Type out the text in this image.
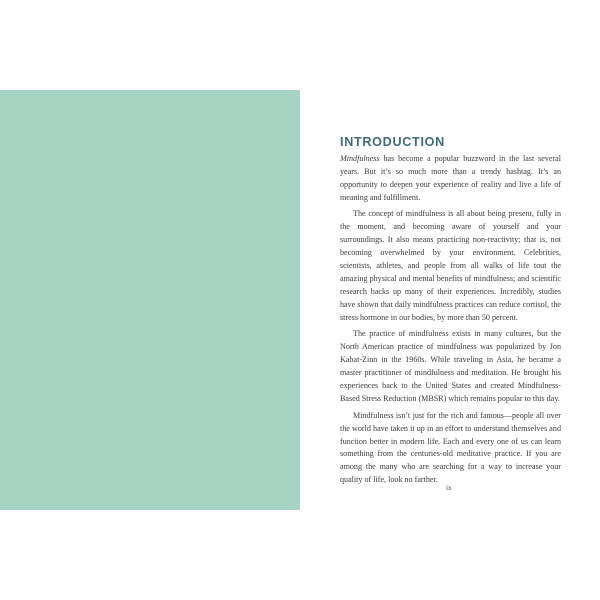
INTRODUCTION

Mindfulness has become a popular buzzword in the last several years. But it’s so much more than a trendy hashtag. It’s an opportunity to deepen your experience of reality and live a life of meaning and fulfillment.

The concept of mindfulness is all about being present, fully in the moment, and becoming aware of yourself and your surroundings. It also means practicing non-reactivity; that is, not becoming overwhelmed by your environment. Celebrities, scientists, athletes, and people from all walks of life tout the amazing physical and mental benefits of mindfulness; and scientific research backs up many of their experiences. Incredibly, studies have shown that daily mindfulness practices can reduce cortisol, the stress hormone in our bodies, by more than 50 percent.

The practice of mindfulness exists in many cultures, but the North American practice of mindfulness was popularized by Jon Kabat-Zinn in the 1960s. While traveling in Asia, he became a master practitioner of mindfulness and meditation. He brought his experiences back to the United States and created Mindfulness-Based Stress Reduction (MBSR) which remains popular to this day.

Mindfulness isn’t just for the rich and famous—people all over the world have taken it up in an effort to understand themselves and function better in modern life. Each and every one of us can learn something from the centuries-old meditative practice. If you are among the many who are searching for a way to increase your quality of life, look no farther.

ix
